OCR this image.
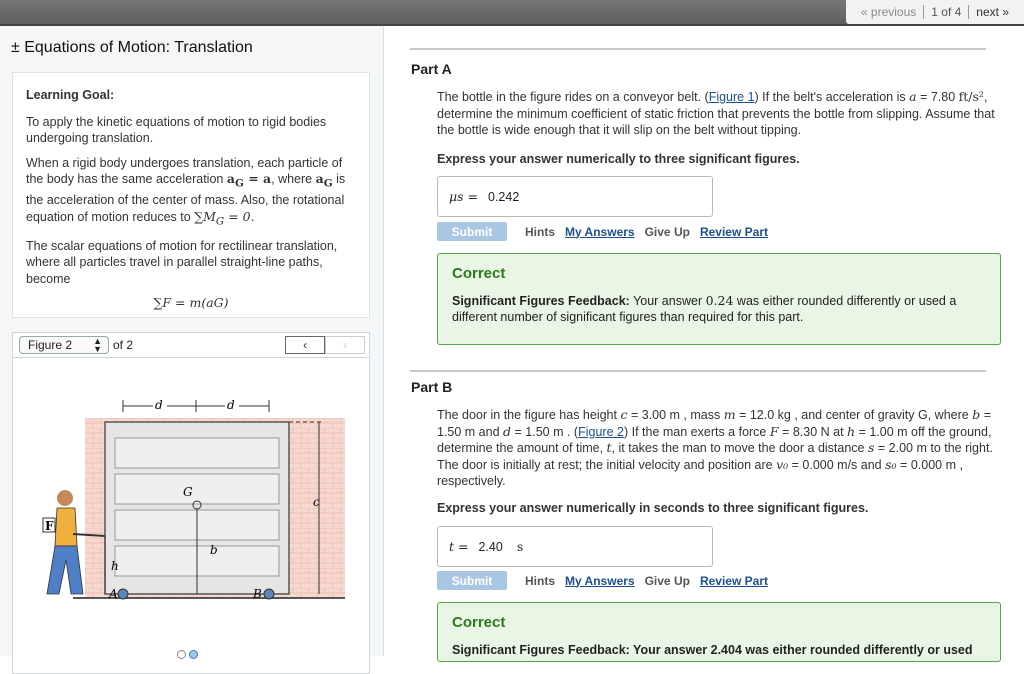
« previous	1 of 4	next »
± Equations of Motion: Translation
Learning Goal:

To apply the kinetic equations of motion to rigid bodies undergoing translation.

When a rigid body undergoes translation, each particle of the body has the same acceleration $a_G = a$, where $a_G$ is the acceleration of the center of mass. Also, the rotational equation of motion reduces to $\sum M_G = 0$.

The scalar equations of motion for rectilinear translation, where all particles travel in parallel straight-line paths, become

∑F = m(aG)
Figure 2 ▲
▼ of 2	‹	›
A	B
d	d
c
G
b
h
F
Part A
The bottle in the figure rides on a conveyor belt. (Figure 1) If the belt's acceleration is a = 7.80 ft/s², determine the minimum coefficient of static friction that prevents the bottle from slipping. Assume that the bottle is wide enough that it will slip on the belt without tipping.
Express your answer numerically to three significant figures.
μs = 0.242
Submit	Hints My Answers Give Up Review Part
Correct
Significant Figures Feedback: Your answer 0.24 was either rounded differently or used a different number of significant figures than required for this part.
Part B
The door in the figure has height c = 3.00 m , mass m = 12.0 kg , and center of gravity G, where b = 1.50 m and d = 1.50 m . (Figure 2) If the man exerts a force F = 8.30 N at h = 1.00 m off the ground, determine the amount of time, t, it takes the man to move the door a distance s = 2.00 m to the right. The door is initially at rest; the initial velocity and position are v₀ = 0.000 m/s and s₀ = 0.000 m , respectively.
Express your answer numerically in seconds to three significant figures.
t = 2.40 s
Submit	Hints My Answers Give Up Review Part
Correct
Significant Figures Feedback: Your answer 2.404 was either rounded differently or used
